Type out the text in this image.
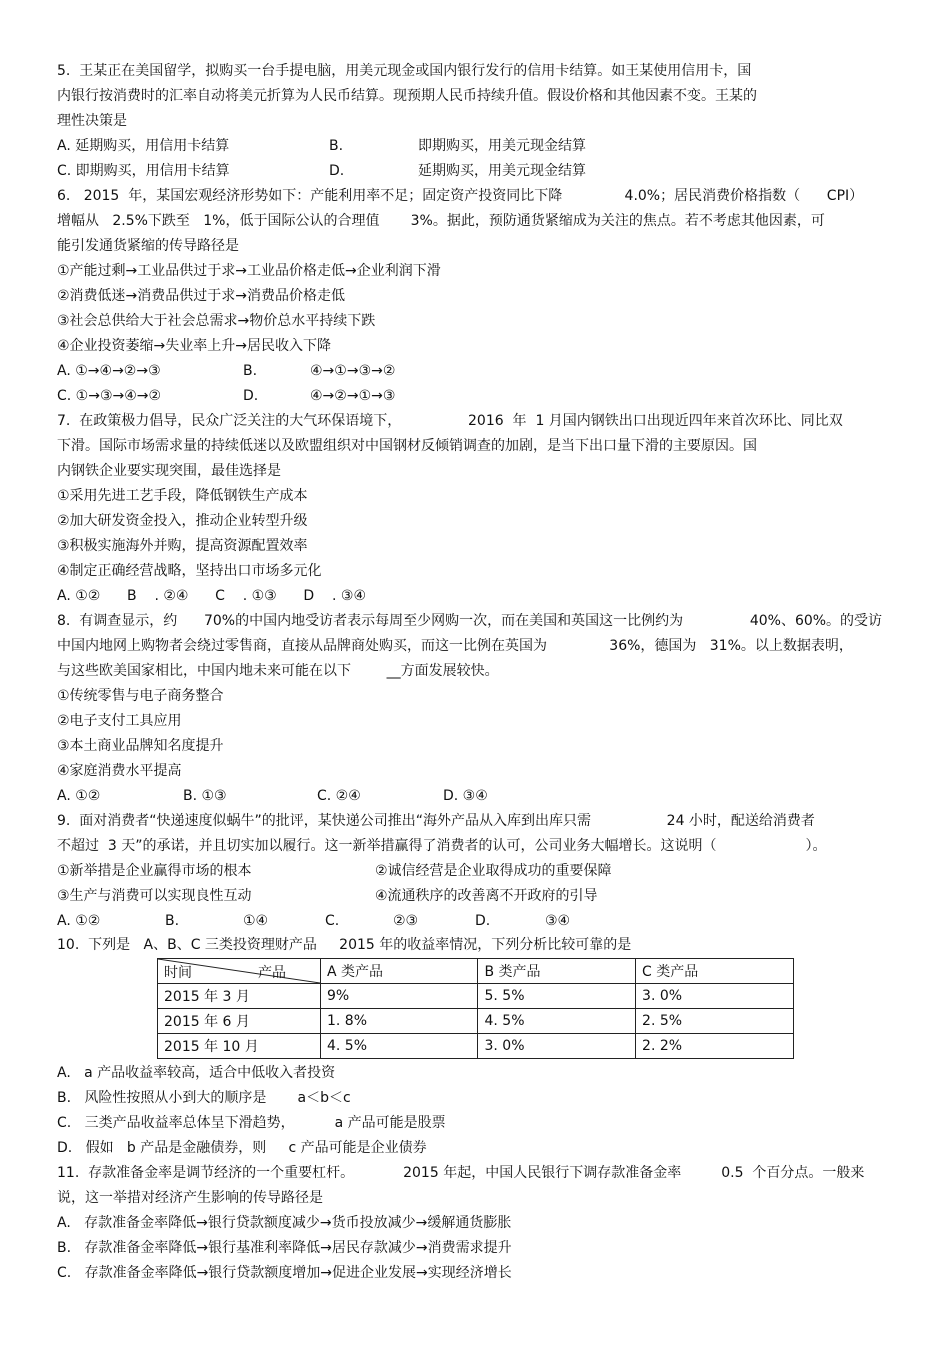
5.  王某正在美国留学，拟购买一台手提电脑，用美元现金或国内银行发行的信用卡结算。如王某使用信用卡，国
内银行按消费时的汇率自动将美元折算为人民币结算。现预期人民币持续升值。假设价格和其他因素不变。王某的
理性决策是
A. 延期购买，用信用卡结算	B.	即期购买，用美元现金结算
C. 即期购买，用信用卡结算	D.	延期购买，用美元现金结算
6.   2015  年，某国宏观经济形势如下：产能利用率不足；固定资产投资同比下降              4.0%；居民消费价格指数（      CPI）
增幅从   2.5%下跌至   1%，低于国际公认的合理值       3%。据此，预防通货紧缩成为关注的焦点。若不考虑其他因素，可
能引发通货紧缩的传导路径是
①产能过剩→工业品供过于求→工业品价格走低→企业利润下滑
②消费低迷→消费品供过于求→消费品价格走低
③社会总供给大于社会总需求→物价总水平持续下跌
④企业投资萎缩→失业率上升→居民收入下降
A. ①→④→②→③	B.	④→①→③→②
C. ①→③→④→②	D.	④→②→①→③
7.  在政策极力倡导，民众广泛关注的大气环保语境下，               2016  年  1 月国内钢铁出口出现近四年来首次环比、同比双
下滑。国际市场需求量的持续低迷以及欧盟组织对中国钢材反倾销调查的加剧，是当下出口量下滑的主要原因。国
内钢铁企业要实现突围，最佳选择是
①采用先进工艺手段，降低钢铁生产成本
②加大研发资金投入，推动企业转型升级
③积极实施海外并购，提高资源配置效率
④制定正确经营战略，坚持出口市场多元化
A. ①②      B    . ②④      C    . ①③      D    . ③④
8.  有调查显示，约      70%的中国内地受访者表示每周至少网购一次，而在美国和英国这一比例约为               40%、60%。的受访
中国内地网上购物者会绕过零售商，直接从品牌商处购买，而这一比例在英国为              36%，德国为   31%。以上数据表明，
与这些欧美国家相比，中国内地未来可能在以下        __方面发展较快。
①传统零售与电子商务整合
②电子支付工具应用
③本土商业品牌知名度提升
④家庭消费水平提高
A. ①②	B. ①③	C. ②④	D. ③④
9.  面对消费者“快递速度似蜗牛”的批评，某快递公司推出“海外产品从入库到出库只需                 24 小时，配送给消费者
不超过  3 天”的承诺，并且切实加以履行。这一新举措赢得了消费者的认可，公司业务大幅增长。这说明（                    ）。
①新举措是企业赢得市场的根本	②诚信经营是企业取得成功的重要保障
③生产与消费可以实现良性互动	④流通秩序的改善离不开政府的引导
A. ①②	B.	①④	C.	②③	D.	③④
10.  下列是   A、B、C 三类投资理财产品     2015 年的收益率情况，下列分析比较可靠的是
时间 产品	A 类产品	B 类产品	C 类产品
2015 年 3 月	9%	5. 5%	3. 0%
2015 年 6 月	1. 8%	4. 5%	2. 5%
2015 年 10 月	4. 5%	3. 0%	2. 2%
A.   a 产品收益率较高，适合中低收入者投资
B.   风险性按照从小到大的顺序是       a＜b＜c
C.   三类产品收益率总体呈下滑趋势，         a 产品可能是股票
D.   假如   b 产品是金融债券，则     c 产品可能是企业债券
11.  存款准备金率是调节经济的一个重要杠杆。           2015 年起，中国人民银行下调存款准备金率         0.5  个百分点。一般来
说，这一举措对经济产生影响的传导路径是
A.   存款准备金率降低→银行贷款额度减少→货币投放减少→缓解通货膨胀
B.   存款准备金率降低→银行基准利率降低→居民存款减少→消费需求提升
C.   存款准备金率降低→银行贷款额度增加→促进企业发展→实现经济增长
